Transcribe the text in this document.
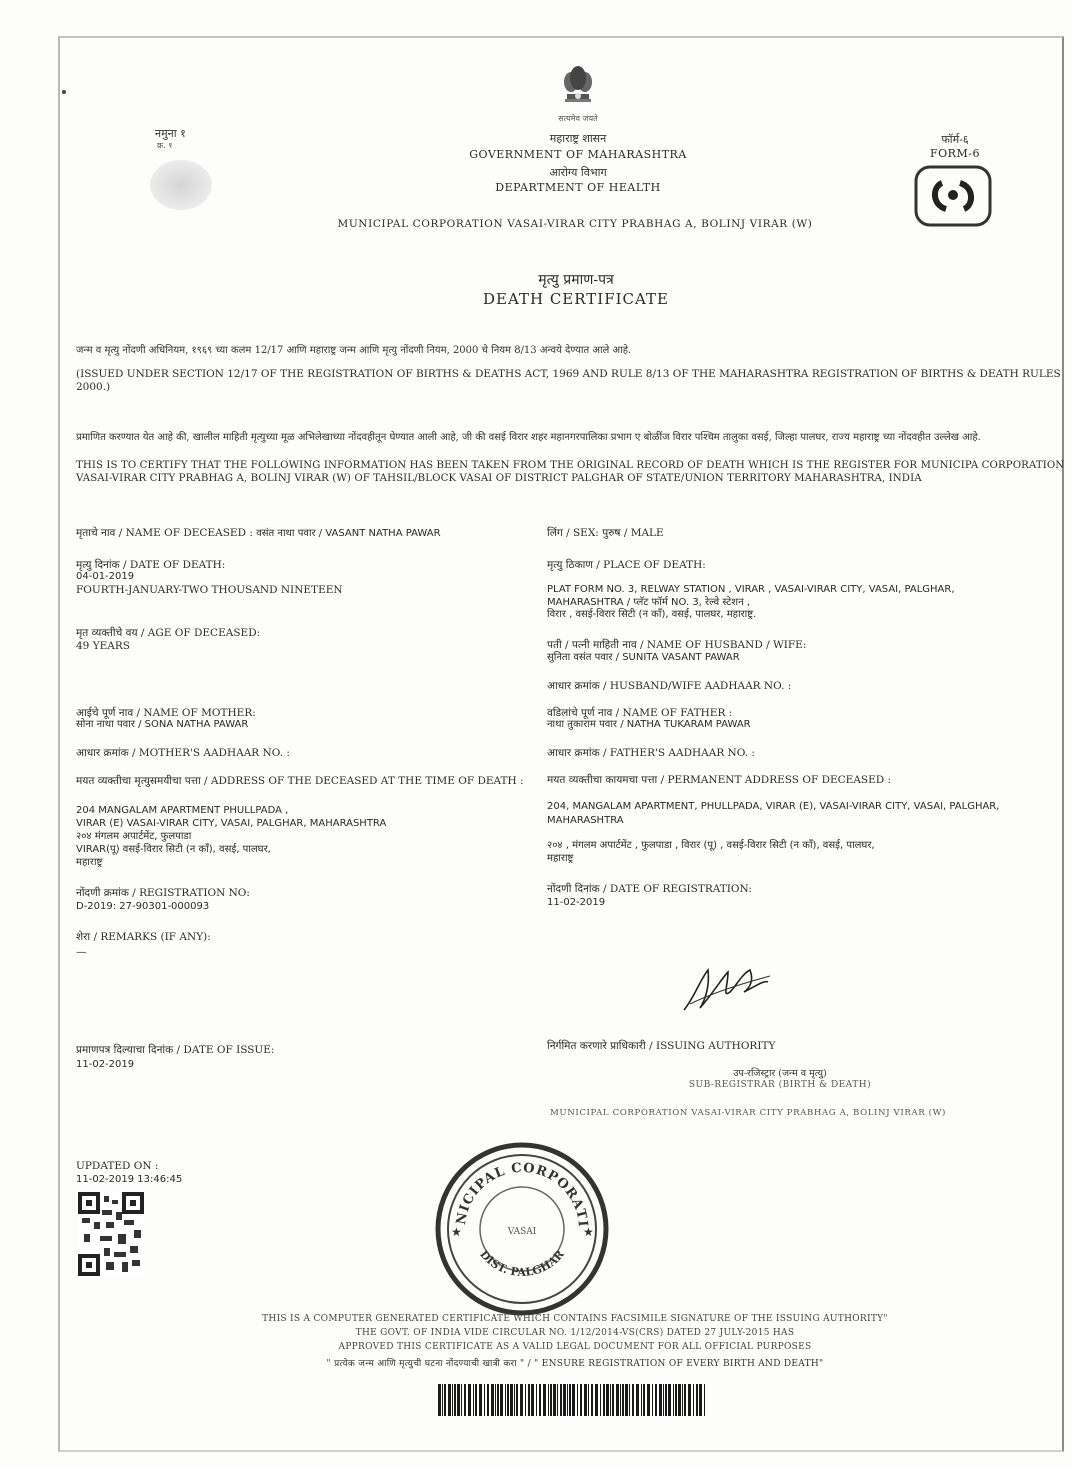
सत्यमेव जयते
नमुना १
क्र. १
महाराष्ट्र शासन
GOVERNMENT OF MAHARASHTRA
आरोग्य विभाग
DEPARTMENT OF HEALTH
फॉर्म-६
FORM-6
MUNICIPAL CORPORATION VASAI-VIRAR CITY PRABHAG A, BOLINJ VIRAR (W)
मृत्यु प्रमाण-पत्र
DEATH CERTIFICATE
जन्म व मृत्यु नोंदणी अधिनियम, १९६९ च्या कलम 12/17 आणि महाराष्ट्र जन्म आणि मृत्यु नोंदणी नियम, 2000 चे नियम 8/13 अन्वये देण्यात आले आहे.
(ISSUED UNDER SECTION 12/17 OF THE REGISTRATION OF BIRTHS & DEATHS ACT, 1969 AND RULE 8/13 OF THE MAHARASHTRA REGISTRATION OF BIRTHS & DEATH RULES 2000.)
प्रमाणित करण्यात येत आहे की, खालील माहिती मृत्युच्या मूळ अभिलेखाच्या नोंदवहीतून घेण्यात आली आहे, जी की वसई विरार शहर महानगरपालिका प्रभाग ए बोळींज विरार पश्चिम तालुका वसई, जिल्हा पालघर, राज्य महाराष्ट्र च्या नोंदवहीत उल्लेख आहे.
THIS IS TO CERTIFY THAT THE FOLLOWING INFORMATION HAS BEEN TAKEN FROM THE ORIGINAL RECORD OF DEATH WHICH IS THE REGISTER FOR MUNICIPA CORPORATION VASAI-VIRAR CITY PRABHAG A, BOLINJ VIRAR (W) OF TAHSIL/BLOCK VASAI OF DISTRICT PALGHAR OF STATE/UNION TERRITORY MAHARASHTRA, INDIA
मृताचे नाव / NAME OF DECEASED : वसंत नाथा पवार / VASANT NATHA PAWAR
मृत्यु दिनांक / DATE OF DEATH:
04-01-2019
FOURTH-JANUARY-TWO THOUSAND NINETEEN
मृत व्यक्तीचे वय / AGE OF DECEASED:
49 YEARS
आईचे पूर्ण नाव / NAME OF MOTHER:
सोना नाथा पवार / SONA NATHA PAWAR
आधार क्रमांक / MOTHER'S AADHAAR NO. :
मयत व्यक्तीचा मृत्युसमयीचा पत्ता / ADDRESS OF THE DECEASED AT THE TIME OF DEATH :
204 MANGALAM APARTMENT PHULLPADA ,
VIRAR (E) VASAI-VIRAR CITY, VASAI, PALGHAR, MAHARASHTRA
२०४ मंगलम अपार्टमेंट, फुलपाडा
VIRAR(पू) वसई-विरार सिटी (न काँ), वसई, पालघर,
महाराष्ट्र
नोंदणी क्रमांक / REGISTRATION NO:
D-2019: 27-90301-000093
शेरा / REMARKS (IF ANY):
—
लिंग / SEX: पुरुष / MALE
मृत्यु ठिकाण / PLACE OF DEATH:
PLAT FORM NO. 3, RELWAY STATION , VIRAR , VASAI-VIRAR CITY, VASAI, PALGHAR,
MAHARASHTRA / प्लॅट फॉर्म NO. 3, रेल्वे स्टेशन ,
विरार , वसई-विरार सिटी (न काँ), वसई, पालघर, महाराष्ट्र.
पती / पत्नी माहिती नाव / NAME OF HUSBAND / WIFE:
सुनिता वसंत पवार / SUNITA VASANT PAWAR
आधार क्रमांक / HUSBAND/WIFE AADHAAR NO. :
वडिलांचे पूर्ण नाव / NAME OF FATHER :
नाथा तुकाराम पवार / NATHA TUKARAM PAWAR
आधार क्रमांक / FATHER'S AADHAAR NO. :
मयत व्यक्तीचा कायमचा पत्ता / PERMANENT ADDRESS OF DECEASED :
204, MANGALAM APARTMENT, PHULLPADA, VIRAR (E), VASAI-VIRAR CITY, VASAI, PALGHAR,
MAHARASHTRA
२०४ , मंगलम अपार्टमेंट , फुलपाडा , विरार (पू) , वसई-विरार सिटी (न काँ), वसई, पालघर,
महाराष्ट्र
नोंदणी दिनांक / DATE OF REGISTRATION:
11-02-2019
प्रमाणपत्र दिल्याचा दिनांक / DATE OF ISSUE:
11-02-2019
निर्गमित करणारे प्राधिकारी / ISSUING AUTHORITY
उप-रजिस्ट्रार (जन्म व मृत्यु)
SUB-REGISTRAR (BIRTH & DEATH)
MUNICIPAL CORPORATION VASAI-VIRAR CITY PRABHAG A, BOLINJ VIRAR (W)
UPDATED ON :
11-02-2019 13:46:45
NICIPAL CORPORATI
DIST. PALGHAR
VASAI	★
★
THIS IS A COMPUTER GENERATED CERTIFICATE WHICH CONTAINS FACSIMILE SIGNATURE OF THE ISSUING AUTHORITY"
THE GOVT. OF INDIA VIDE CIRCULAR NO. 1/12/2014-VS(CRS) DATED 27 JULY-2015 HAS
APPROVED THIS CERTIFICATE AS A VALID LEGAL DOCUMENT FOR ALL OFFICIAL PURPOSES
" प्रत्येक जन्म आणि मृत्युची घटना नोंदण्याची खात्री करा " / " ENSURE REGISTRATION OF EVERY BIRTH AND DEATH"
